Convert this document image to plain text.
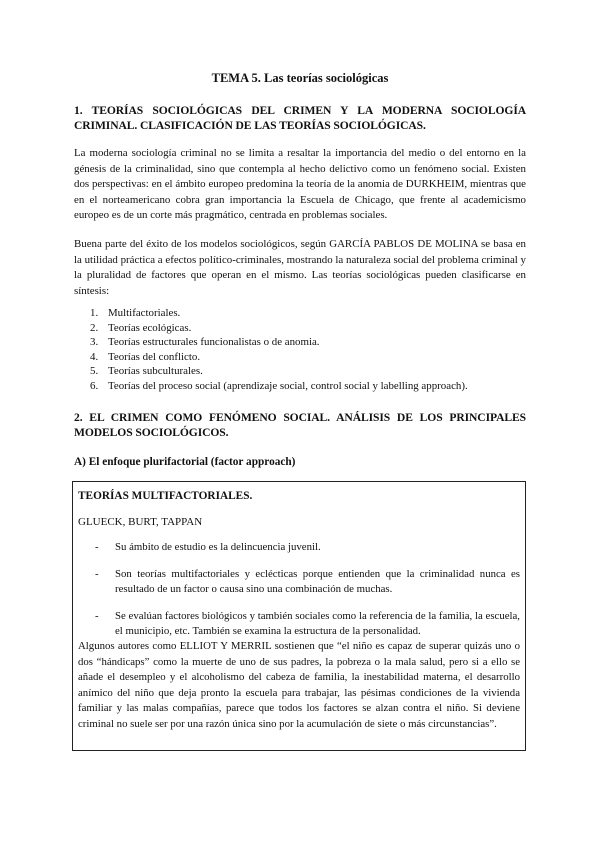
TEMA 5. Las teorías sociológicas
1. TEORÍAS SOCIOLÓGICAS DEL CRIMEN Y LA MODERNA SOCIOLOGÍA CRIMINAL. CLASIFICACIÓN DE LAS TEORÍAS SOCIOLÓGICAS.

La moderna sociología criminal no se limita a resaltar la importancia del medio o del entorno en la génesis de la criminalidad, sino que contempla al hecho delictivo como un fenómeno social. Existen dos perspectivas: en el ámbito europeo predomina la teoría de la anomia de DURKHEIM, mientras que en el norteamericano cobra gran importancia la Escuela de Chicago, que frente al academicismo europeo es de un corte más pragmático, centrada en problemas sociales.

Buena parte del éxito de los modelos sociológicos, según GARCÍA PABLOS DE MOLINA se basa en la utilidad práctica a efectos político-criminales, mostrando la naturaleza social del problema criminal y la pluralidad de factores que operan en el mismo. Las teorías sociológicas pueden clasificarse en síntesis:

1. Multifactoriales.
2. Teorías ecológicas.
3. Teorías estructurales funcionalistas o de anomia.
4. Teorías del conflicto.
5. Teorías subculturales.
6. Teorías del proceso social (aprendizaje social, control social y labelling approach).
2. EL CRIMEN COMO FENÓMENO SOCIAL. ANÁLISIS DE LOS PRINCIPALES MODELOS SOCIOLÓGICOS.
A) El enfoque plurifactorial (factor approach)
TEORÍAS MULTIFACTORIALES.
GLUECK, BURT, TAPPAN
- Su ámbito de estudio es la delincuencia juvenil.
- Son teorías multifactoriales y eclécticas porque entienden que la criminalidad nunca es resultado de un factor o causa sino una combinación de muchas.
- Se evalúan factores biológicos y también sociales como la referencia de la familia, la escuela, el municipio, etc. También se examina la estructura de la personalidad.

Algunos autores como ELLIOT Y MERRIL sostienen que “el niño es capaz de superar quizás uno o dos “hándicaps” como la muerte de uno de sus padres, la pobreza o la mala salud, pero si a ello se añade el desempleo y el alcoholismo del cabeza de familia, la inestabilidad materna, el desarrollo anímico del niño que deja pronto la escuela para trabajar, las pésimas condiciones de la vivienda familiar y las malas compañías, parece que todos los factores se alzan contra el niño. Si deviene criminal no suele ser por una razón única sino por la acumulación de siete o más circunstancias”.
